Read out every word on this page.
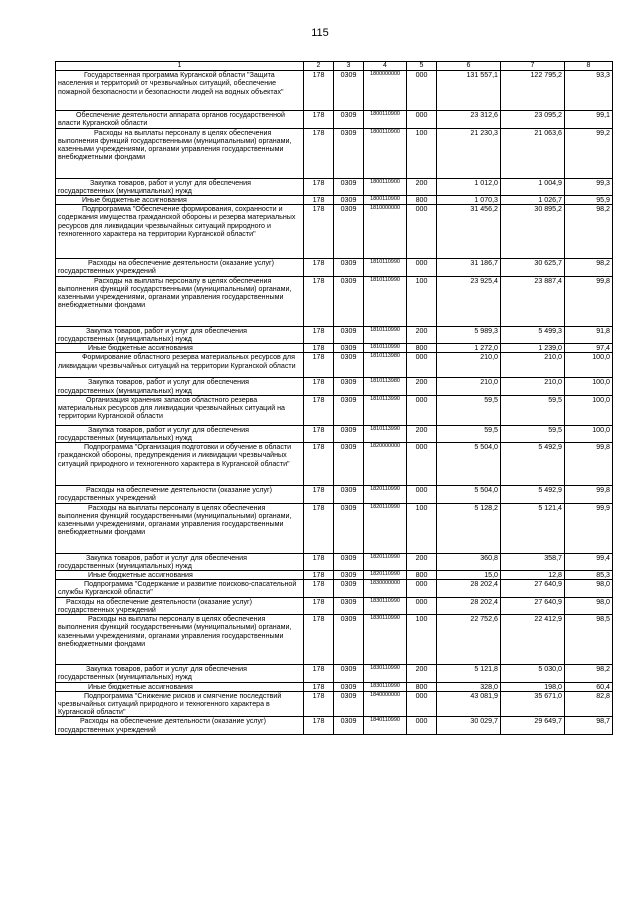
115
1	2	3	4	5	6	7	8
Государственная программа Курганской области "Защита населения и территорий от чрезвычайных ситуаций, обеспечение пожарной безопасности и безопасности людей на водных объектах"	178	0309	1800000000	000	131 557,1	122 795,2	93,3
Обеспечение деятельности аппарата органов государственной власти Курганской области	178	0309	1800110900	000	23 312,6	23 095,2	99,1
Расходы на выплаты персоналу в целях обеспечения выполнения функций государственными (муниципальными) органами, казенными учреждениями, органами управления государственными внебюджетными фондами	178	0309	1800110900	100	21 230,3	21 063,6	99,2
Закупка товаров, работ и услуг для обеспечения государственных (муниципальных) нужд	178	0309	1800110900	200	1 012,0	1 004,9	99,3
Иные бюджетные ассигнования	178	0309	1800110900	800	1 070,3	1 026,7	95,9
Подпрограмма "Обеспечение формирования, сохранности и содержания имущества гражданской обороны и резерва материальных ресурсов для ликвидации чрезвычайных ситуаций природного и техногенного характера на территории Курганской области"	178	0309	1810000000	000	31 456,2	30 895,2	98,2
Расходы на обеспечение деятельности (оказание услуг) государственных учреждений	178	0309	1810110990	000	31 186,7	30 625,7	98,2
Расходы на выплаты персоналу в целях обеспечения выполнения функций государственными (муниципальными) органами, казенными учреждениями, органами управления государственными внебюджетными фондами	178	0309	1810110990	100	23 925,4	23 887,4	99,8
Закупка товаров, работ и услуг для обеспечения государственных (муниципальных) нужд	178	0309	1810110990	200	5 989,3	5 499,3	91,8
Иные бюджетные ассигнования	178	0309	1810110990	800	1 272,0	1 239,0	97,4
Формирование областного резерва материальных ресурсов для ликвидации чрезвычайных ситуаций на территории Курганской области	178	0309	1810113980	000	210,0	210,0	100,0
Закупка товаров, работ и услуг для обеспечения государственных (муниципальных) нужд	178	0309	1810113980	200	210,0	210,0	100,0
Организация хранения запасов областного резерва материальных ресурсов для ликвидации чрезвычайных ситуаций на территории Курганской области	178	0309	1810113990	000	59,5	59,5	100,0
Закупка товаров, работ и услуг для обеспечения государственных (муниципальных) нужд	178	0309	1810113990	200	59,5	59,5	100,0
Подпрограмма "Организация подготовки и обучение в области гражданской обороны, предупреждения и ликвидации чрезвычайных ситуаций природного и техногенного характера в Курганской области"	178	0309	1820000000	000	5 504,0	5 492,9	99,8
Расходы на обеспечение деятельности (оказание услуг) государственных учреждений	178	0309	1820110990	000	5 504,0	5 492,9	99,8
Расходы на выплаты персоналу в целях обеспечения выполнения функций государственными (муниципальными) органами, казенными учреждениями, органами управления государственными внебюджетными фондами	178	0309	1820110990	100	5 128,2	5 121,4	99,9
Закупка товаров, работ и услуг для обеспечения государственных (муниципальных) нужд	178	0309	1820110990	200	360,8	358,7	99,4
Иные бюджетные ассигнования	178	0309	1820110990	800	15,0	12,8	85,3
Подпрограмма "Содержание и развитие поисково-спасательной службы Курганской области"	178	0309	1830000000	000	28 202,4	27 640,9	98,0
Расходы на обеспечение деятельности (оказание услуг) государственных учреждений	178	0309	1830110990	000	28 202,4	27 640,9	98,0
Расходы на выплаты персоналу в целях обеспечения выполнения функций государственными (муниципальными) органами, казенными учреждениями, органами управления государственными внебюджетными фондами	178	0309	1830110990	100	22 752,6	22 412,9	98,5
Закупка товаров, работ и услуг для обеспечения государственных (муниципальных) нужд	178	0309	1830110990	200	5 121,8	5 030,0	98,2
Иные бюджетные ассигнования	178	0309	1830110990	800	328,0	198,0	60,4
Подпрограмма "Снижение рисков и смягчение последствий чрезвычайных ситуаций природного и техногенного характера в Курганской области"	178	0309	1840000000	000	43 081,9	35 671,0	82,8
Расходы на обеспечение деятельности (оказание услуг) государственных учреждений	178	0309	1840110990	000	30 029,7	29 649,7	98,7
